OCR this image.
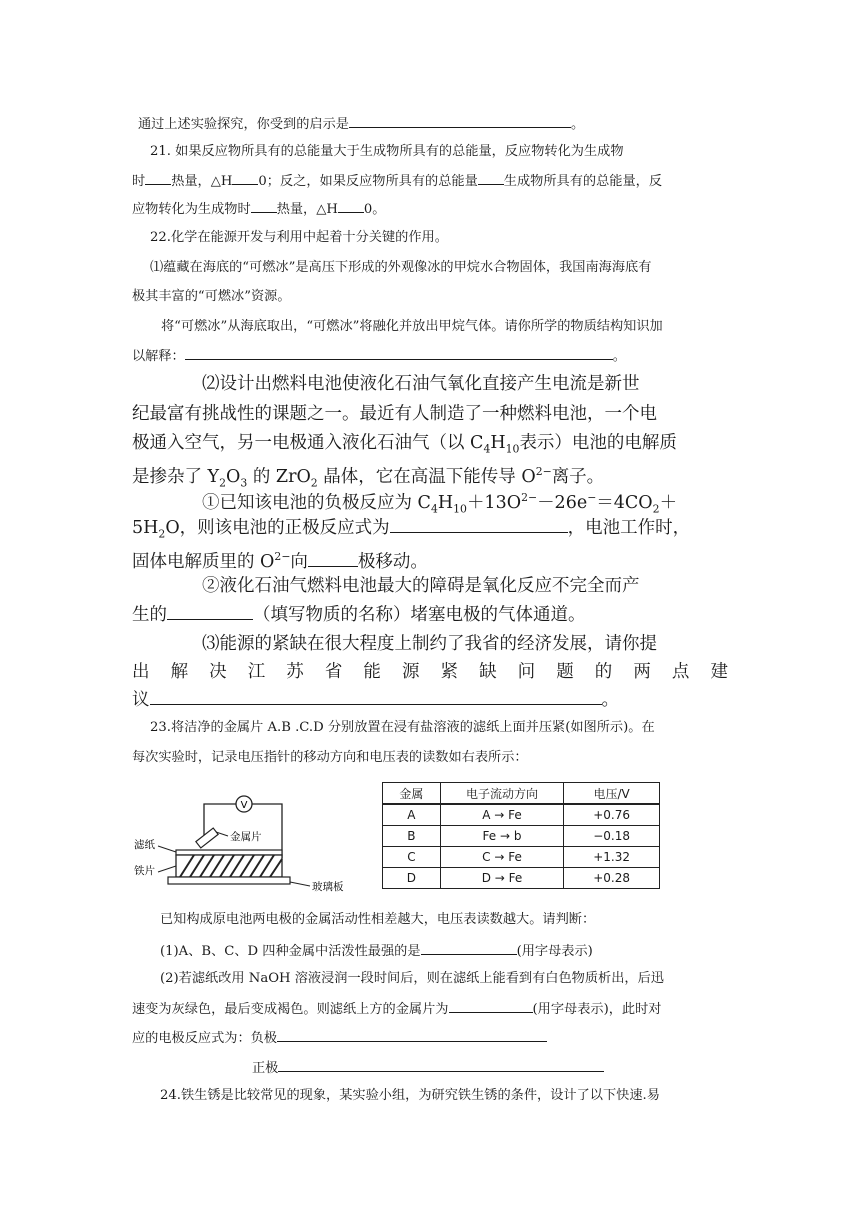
通过上述实验探究，你受到的启示是	。
21. 如果反应物所具有的总能量大于生成物所具有的总能量，反应物转化为生成物
时 热量，△H 0；反之，如果反应物所具有的总能量 生成物所具有的总能量，反
应物转化为生成物时 热量，△H 0。
22.化学在能源开发与利用中起着十分关键的作用。
⑴蕴藏在海底的“可燃冰”是高压下形成的外观像冰的甲烷水合物固体，我国南海海底有
极其丰富的“可燃冰”资源。
将“可燃冰”从海底取出，“可燃冰”将融化并放出甲烷气体。请你所学的物质结构知识加
以解释：	。
⑵设计出燃料电池使液化石油气氧化直接产生电流是新世
纪最富有挑战性的课题之一。最近有人制造了一种燃料电池，一个电
极通入空气，另一电极通入液化石油气（以 $C_4H_{10}$表示）电池的电解质
是掺杂了 $Y_2O_3$ 的 ZrO$_2$ 晶体，它在高温下能传导 $O^{2-}$离子。
①已知该电池的负极反应为 $C_4H_{10}+13O^{2-}-26e^-=4CO_2+$
$5H_2O$，则该电池的正极反应式为	，电池工作时，
固体电解质里的 $O^{2-}$向	极移动。
②液化石油气燃料电池最大的障碍是氧化反应不完全而产
生的	（填写物质的名称）堵塞电极的气体通道。
⑶能源的紧缺在很大程度上制约了我省的经济发展，请你提
出 解 决 江 苏 省 能 源 紧 缺 问 题 的 两 点 建
议	。
23.将洁净的金属片 A.B .C.D 分别放置在浸有盐溶液的滤纸上面并压紧(如图所示)。在
每次实验时，记录电压指针的移动方向和电压表的读数如右表所示：
V
金属片
滤纸
铁片
玻璃板
金属	电子流动方向	电压/V
A	A → Fe	+0.76
B	Fe → b	−0.18
C	C → Fe	+1.32
D	D → Fe	+0.28
已知构成原电池两电极的金属活动性相差越大，电压表读数越大。请判断：
(1)A、B、C、D 四种金属中活泼性最强的是	(用字母表示)
(2)若滤纸改用 NaOH 溶液浸润一段时间后，则在滤纸上能看到有白色物质析出，后迅
速变为灰绿色，最后变成褐色。则滤纸上方的金属片为	(用字母表示)，此时对
应的电极反应式为：负极
正极
24.铁生锈是比较常见的现象，某实验小组，为研究铁生锈的条件，设计了以下快速.易
